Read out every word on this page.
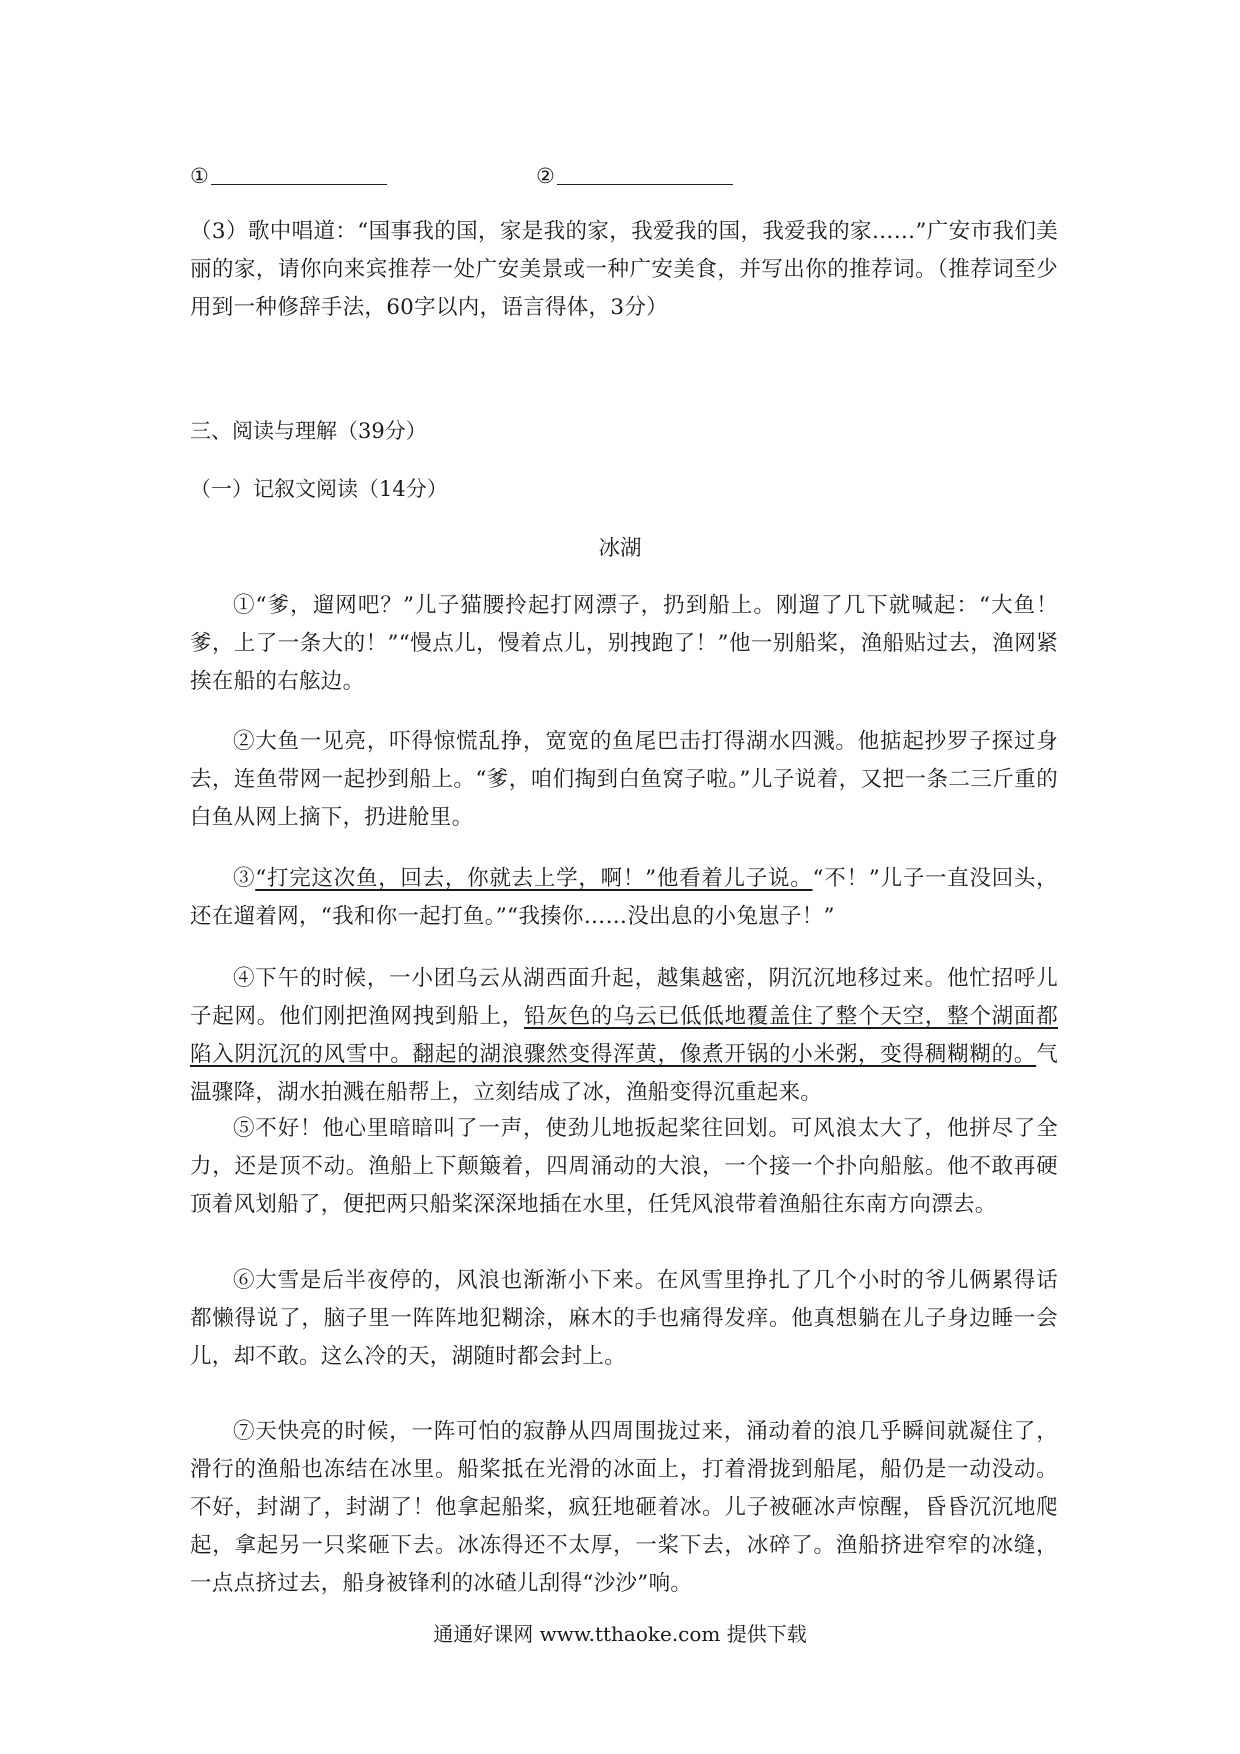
①	②

（3）歌中唱道：“国事我的国，家是我的家，我爱我的国，我爱我的家……”广安市我们美丽的家，请你向来宾推荐一处广安美景或一种广安美食，并写出你的推荐词。（推荐词至少用到一种修辞手法，60字以内，语言得体，3分）

三、阅读与理解（39分）

（一）记叙文阅读（14分）

冰湖

①“爹，遛网吧？”儿子猫腰拎起打网漂子，扔到船上。刚遛了几下就喊起：“大鱼！爹，上了一条大的！”“慢点儿，慢着点儿，别拽跑了！”他一别船桨，渔船贴过去，渔网紧挨在船的右舷边。

②大鱼一见亮，吓得惊慌乱挣，宽宽的鱼尾巴击打得湖水四溅。他掂起抄罗子探过身去，连鱼带网一起抄到船上。“爹，咱们掏到白鱼窝子啦。”儿子说着，又把一条二三斤重的白鱼从网上摘下，扔进舱里。

③“打完这次鱼，回去，你就去上学，啊！”他看着儿子说。“不！”儿子一直没回头，还在遛着网，“我和你一起打鱼。”“我揍你……没出息的小兔崽子！”

④下午的时候，一小团乌云从湖西面升起，越集越密，阴沉沉地移过来。他忙招呼儿子起网。他们刚把渔网拽到船上，铅灰色的乌云已低低地覆盖住了整个天空，整个湖面都陷入阴沉沉的风雪中。翻起的湖浪骤然变得浑黄，像煮开锅的小米粥，变得稠糊糊的。气温骤降，湖水拍溅在船帮上，立刻结成了冰，渔船变得沉重起来。

⑤不好！他心里暗暗叫了一声，使劲儿地扳起桨往回划。可风浪太大了，他拼尽了全力，还是顶不动。渔船上下颠簸着，四周涌动的大浪，一个接一个扑向船舷。他不敢再硬顶着风划船了，便把两只船桨深深地插在水里，任凭风浪带着渔船往东南方向漂去。

⑥大雪是后半夜停的，风浪也渐渐小下来。在风雪里挣扎了几个小时的爷儿俩累得话都懒得说了，脑子里一阵阵地犯糊涂，麻木的手也痛得发痒。他真想躺在儿子身边睡一会儿，却不敢。这么冷的天，湖随时都会封上。

⑦天快亮的时候，一阵可怕的寂静从四周围拢过来，涌动着的浪几乎瞬间就凝住了，滑行的渔船也冻结在冰里。船桨抵在光滑的冰面上，打着滑拢到船尾，船仍是一动没动。不好，封湖了，封湖了！他拿起船桨，疯狂地砸着冰。儿子被砸冰声惊醒，昏昏沉沉地爬起，拿起另一只桨砸下去。冰冻得还不太厚，一桨下去，冰碎了。渔船挤进窄窄的冰缝，一点点挤过去，船身被锋利的冰碴儿刮得“沙沙”响。

通通好课网 www.tthaoke.com 提供下载
